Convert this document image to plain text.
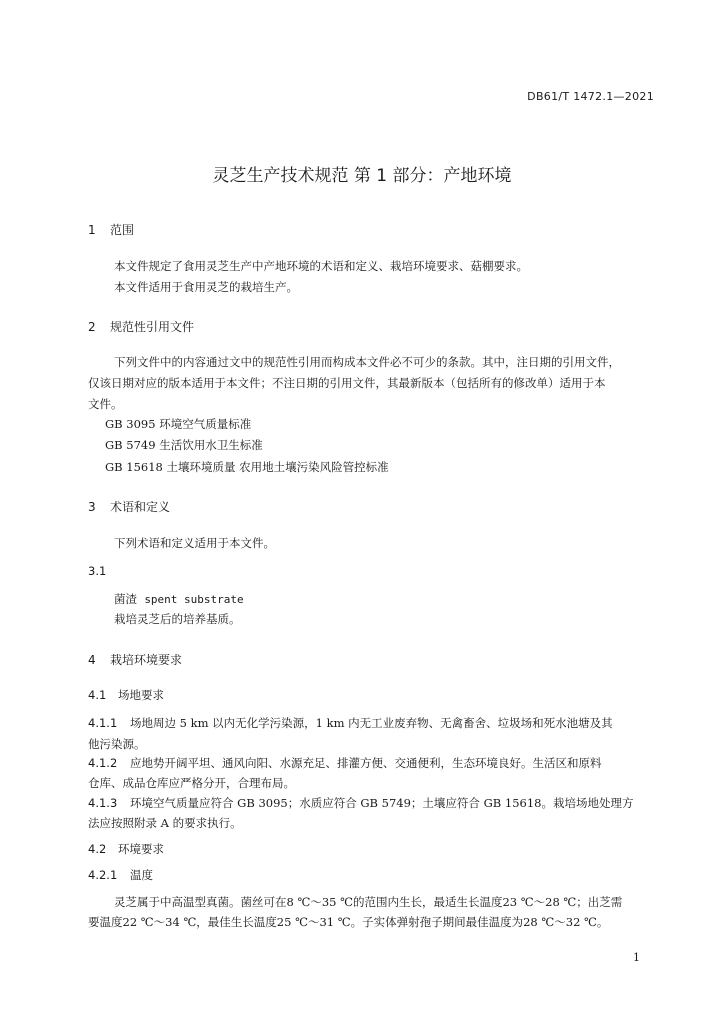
DB61/T 1472.1—2021
灵芝生产技术规范 第 1 部分：产地环境
1 范围
本文件规定了食用灵芝生产中产地环境的术语和定义、栽培环境要求、菇棚要求。
本文件适用于食用灵芝的栽培生产。
2 规范性引用文件
下列文件中的内容通过文中的规范性引用而构成本文件必不可少的条款。其中，注日期的引用文件，
仅该日期对应的版本适用于本文件；不注日期的引用文件，其最新版本（包括所有的修改单）适用于本
文件。
GB 3095 环境空气质量标准
GB 5749 生活饮用水卫生标准
GB 15618 土壤环境质量 农用地土壤污染风险管控标准
3 术语和定义
下列术语和定义适用于本文件。
3.1
菌渣 spent substrate
栽培灵芝后的培养基质。
4 栽培环境要求
4.1 场地要求
4.1.1 场地周边 5 km 以内无化学污染源，1 km 内无工业废弃物、无禽畜舍、垃圾场和死水池塘及其
他污染源。
4.1.2 应地势开阔平坦、通风向阳、水源充足、排灌方便、交通便利，生态环境良好。生活区和原料
仓库、成品仓库应严格分开，合理布局。
4.1.3 环境空气质量应符合 GB 3095；水质应符合 GB 5749；土壤应符合 GB 15618。栽培场地处理方
法应按照附录 A 的要求执行。
4.2 环境要求
4.2.1 温度
灵芝属于中高温型真菌。菌丝可在8 ℃～35 ℃的范围内生长，最适生长温度23 ℃～28 ℃；出芝需
要温度22 ℃～34 ℃，最佳生长温度25 ℃～31 ℃。子实体弹射孢子期间最佳温度为28 ℃～32 ℃。
1
